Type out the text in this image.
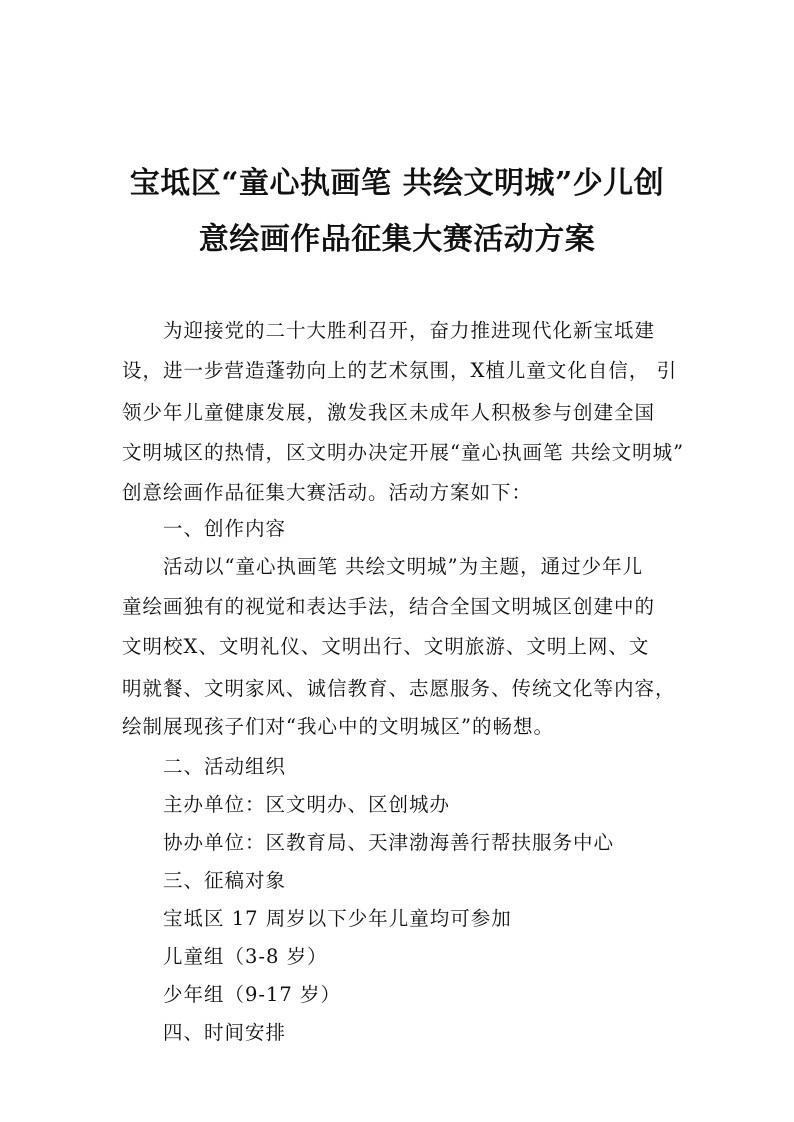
宝坻区“童心执画笔 共绘文明城”少儿创
意绘画作品征集大赛活动方案
为迎接党的二十大胜利召开，奋力推进现代化新宝坻建
设，进一步营造蓬勃向上的艺术氛围，X植儿童文化自信， 引
领少年儿童健康发展，激发我区未成年人积极参与创建全国
文明城区的热情，区文明办决定开展“童心执画笔 共绘文明城”
创意绘画作品征集大赛活动。活动方案如下：
一、创作内容
活动以“童心执画笔 共绘文明城”为主题，通过少年儿
童绘画独有的视觉和表达手法，结合全国文明城区创建中的
文明校X、文明礼仪、文明出行、文明旅游、文明上网、文
明就餐、文明家风、诚信教育、志愿服务、传统文化等内容，
绘制展现孩子们对“我心中的文明城区”的畅想。
二、活动组织
主办单位：区文明办、区创城办
协办单位：区教育局、天津渤海善行帮扶服务中心
三、征稿对象
宝坻区 17 周岁以下少年儿童均可参加
儿童组（3-8 岁）
少年组（9-17 岁）
四、时间安排
